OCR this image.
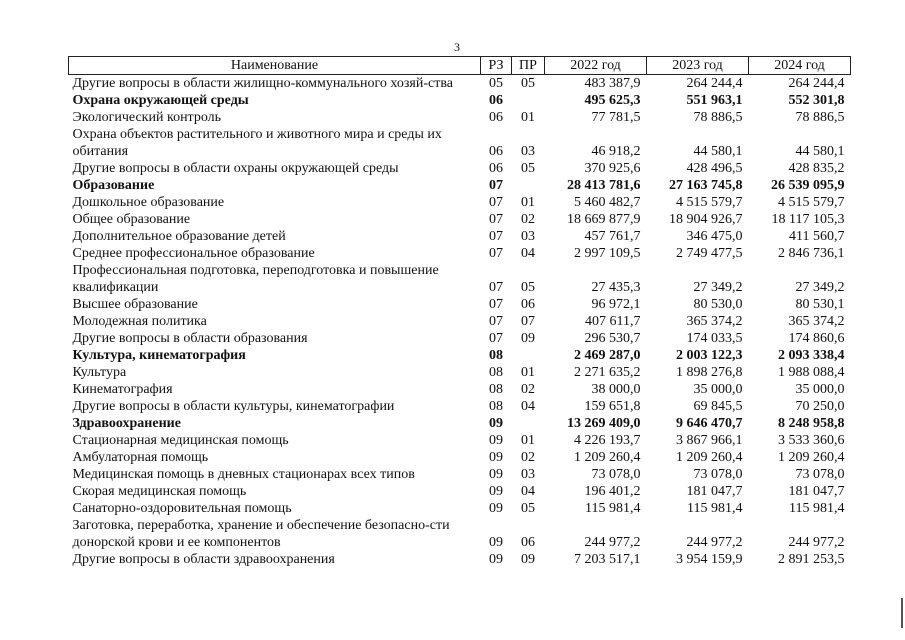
3
Наименование	РЗ	ПР	2022 год	2023 год	2024 год
Другие вопросы в области жилищно-коммунального хозяй-ства	05	05	483 387,9	264 244,4	264 244,4
Охрана окружающей среды	06		495 625,3	551 963,1	552 301,8
Экологический контроль	06	01	77 781,5	78 886,5	78 886,5
Охрана объектов растительного и животного мира и среды их обитания	06	03	46 918,2	44 580,1	44 580,1
Другие вопросы в области охраны окружающей среды	06	05	370 925,6	428 496,5	428 835,2
Образование	07		28 413 781,6	27 163 745,8	26 539 095,9
Дошкольное образование	07	01	5 460 482,7	4 515 579,7	4 515 579,7
Общее образование	07	02	18 669 877,9	18 904 926,7	18 117 105,3
Дополнительное образование детей	07	03	457 761,7	346 475,0	411 560,7
Среднее профессиональное образование	07	04	2 997 109,5	2 749 477,5	2 846 736,1
Профессиональная подготовка, переподготовка и повышение квалификации	07	05	27 435,3	27 349,2	27 349,2
Высшее образование	07	06	96 972,1	80 530,0	80 530,1
Молодежная политика	07	07	407 611,7	365 374,2	365 374,2
Другие вопросы в области образования	07	09	296 530,7	174 033,5	174 860,6
Культура, кинематография	08		2 469 287,0	2 003 122,3	2 093 338,4
Культура	08	01	2 271 635,2	1 898 276,8	1 988 088,4
Кинематография	08	02	38 000,0	35 000,0	35 000,0
Другие вопросы в области культуры, кинематографии	08	04	159 651,8	69 845,5	70 250,0
Здравоохранение	09		13 269 409,0	9 646 470,7	8 248 958,8
Стационарная медицинская помощь	09	01	4 226 193,7	3 867 966,1	3 533 360,6
Амбулаторная помощь	09	02	1 209 260,4	1 209 260,4	1 209 260,4
Медицинская помощь в дневных стационарах всех типов	09	03	73 078,0	73 078,0	73 078,0
Скорая медицинская помощь	09	04	196 401,2	181 047,7	181 047,7
Санаторно-оздоровительная помощь	09	05	115 981,4	115 981,4	115 981,4
Заготовка, переработка, хранение и обеспечение безопасно-сти донорской крови и ее компонентов	09	06	244 977,2	244 977,2	244 977,2
Другие вопросы в области здравоохранения	09	09	7 203 517,1	3 954 159,9	2 891 253,5
